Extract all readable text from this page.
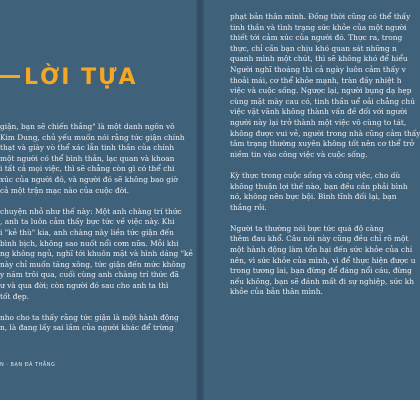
LỜI TỰA

giận, bạn sẽ chiến thắng" là một danh ngôn vô

Kim Dung, chủ yếu muốn nói rằng tức giận chính

thạt và giày vò thể xác lẫn tinh thần của chính

một người có thể bình thản, lạc quan và khoan

i tất cả mọi việc, thì sẽ chẳng còn gì có thể chi

xúc của người đó, và người đó sẽ không bao giờ

cả một trận mạc nào của cuộc đời.

chuyện nhỏ như thế này: Một anh chàng trí thức

, anh ta luôn cảm thấy bực tức về việc này. Khi

i "kẻ thù" kia, anh chàng này liền tức giận đến

bình bịch, không sao nuốt nổi cơm nữa. Mỗi khi

ng không ngủ, nghĩ tới khuôn mặt và hình dáng "kẻ

này chỉ muốn tăng xông, tức giận đến mức không

y năm trôi qua, cuối cùng anh chàng trí thức đã

ư và qua đời; còn người đó sau cho anh ta thì

tốt đẹp.

nho cho ta thấy rằng tức giận là một hành động

n, là đang lấy sai lầm của người khác để trừng

N · BẠN ĐÃ THẮNG

phạt bản thân mình. Đồng thời cũng có thể thấy

tinh thần và tình trạng sức khỏe của một người

thiết tới cảm xúc của người đó. Thực ra, trong

thực, chỉ cần bạn chịu khó quan sát những n

quanh mình một chút, thì sẽ không khó để hiểu

Người nghĩ thoáng thì cả ngày luôn cảm thấy v

thoải mái, cơ thể khỏe mạnh, tràn đầy nhiệt h

việc và cuộc sống. Ngược lại, người bụng dạ hẹp

cùng mặt mày cau có, tinh thần uể oải chẳng chú

việc vặt vãnh không thành vấn đề đối với người

người này lại trở thành một việc vô cùng to tát,

không được vui vẻ, người trong nhà cũng cảm thấy

tâm trạng thường xuyên không tốt nên cơ thể trở

niềm tin vào công việc và cuộc sống.

Kỳ thực trong cuộc sống và công việc, cho dù

không thuận lợi thế nào, bạn đều cần phải bình

nó, không nên bực bội. Bình tĩnh đối lại, bạn

thắng rồi.

Người ta thường nói bực tức quá độ càng

thêm đau khổ. Câu nói này cũng đều chỉ rõ một

một hành động làm tổn hại đến sức khỏe của chí

nên, vì sức khỏe của mình, vì để thực hiện được u

trong tương lai, bạn đừng để đáng nổi cáu, đừng

nếu không, bạn sẽ đánh mất đi sự nghiệp, sức kh

khỏe của bản thân mình.
